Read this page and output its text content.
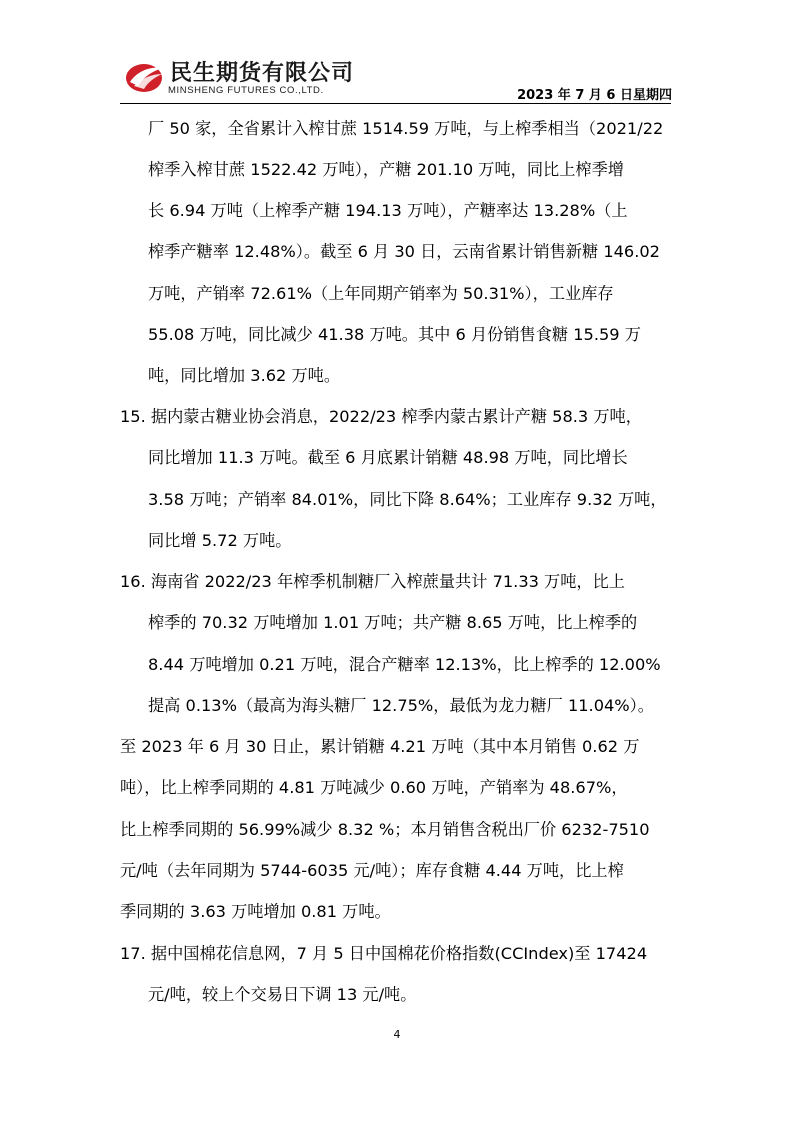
民生期货有限公司
MINSHENG FUTURES CO.,LTD.	2023 年 7 月 6 日星期四
厂 50 家，全省累计入榨甘蔗 1514.59 万吨，与上榨季相当（2021/22
榨季入榨甘蔗 1522.42 万吨），产糖 201.10 万吨，同比上榨季增
长 6.94 万吨（上榨季产糖 194.13 万吨），产糖率达 13.28%（上
榨季产糖率 12.48%）。截至 6 月 30 日，云南省累计销售新糖 146.02
万吨，产销率 72.61%（上年同期产销率为 50.31%），工业库存
55.08 万吨，同比减少 41.38 万吨。其中 6 月份销售食糖 15.59 万
吨，同比增加 3.62 万吨。
15. 据内蒙古糖业协会消息，2022/23 榨季内蒙古累计产糖 58.3 万吨，
同比增加 11.3 万吨。截至 6 月底累计销糖 48.98 万吨，同比增长
3.58 万吨；产销率 84.01%，同比下降 8.64%；工业库存 9.32 万吨，
同比增 5.72 万吨。
16. 海南省 2022/23 年榨季机制糖厂入榨蔗量共计 71.33 万吨，比上
榨季的 70.32 万吨增加 1.01 万吨；共产糖 8.65 万吨，比上榨季的
8.44 万吨增加 0.21 万吨，混合产糖率 12.13%，比上榨季的 12.00%
提高 0.13%（最高为海头糖厂 12.75%，最低为龙力糖厂 11.04%）。
至 2023 年 6 月 30 日止，累计销糖 4.21 万吨（其中本月销售 0.62 万
吨），比上榨季同期的 4.81 万吨减少 0.60 万吨，产销率为 48.67%，
比上榨季同期的 56.99%减少 8.32 %；本月销售含税出厂价 6232-7510
元/吨（去年同期为 5744-6035 元/吨）；库存食糖 4.44 万吨，比上榨
季同期的 3.63 万吨增加 0.81 万吨。
17. 据中国棉花信息网，7 月 5 日中国棉花价格指数(CCIndex)至 17424
元/吨，较上个交易日下调 13 元/吨。
4
